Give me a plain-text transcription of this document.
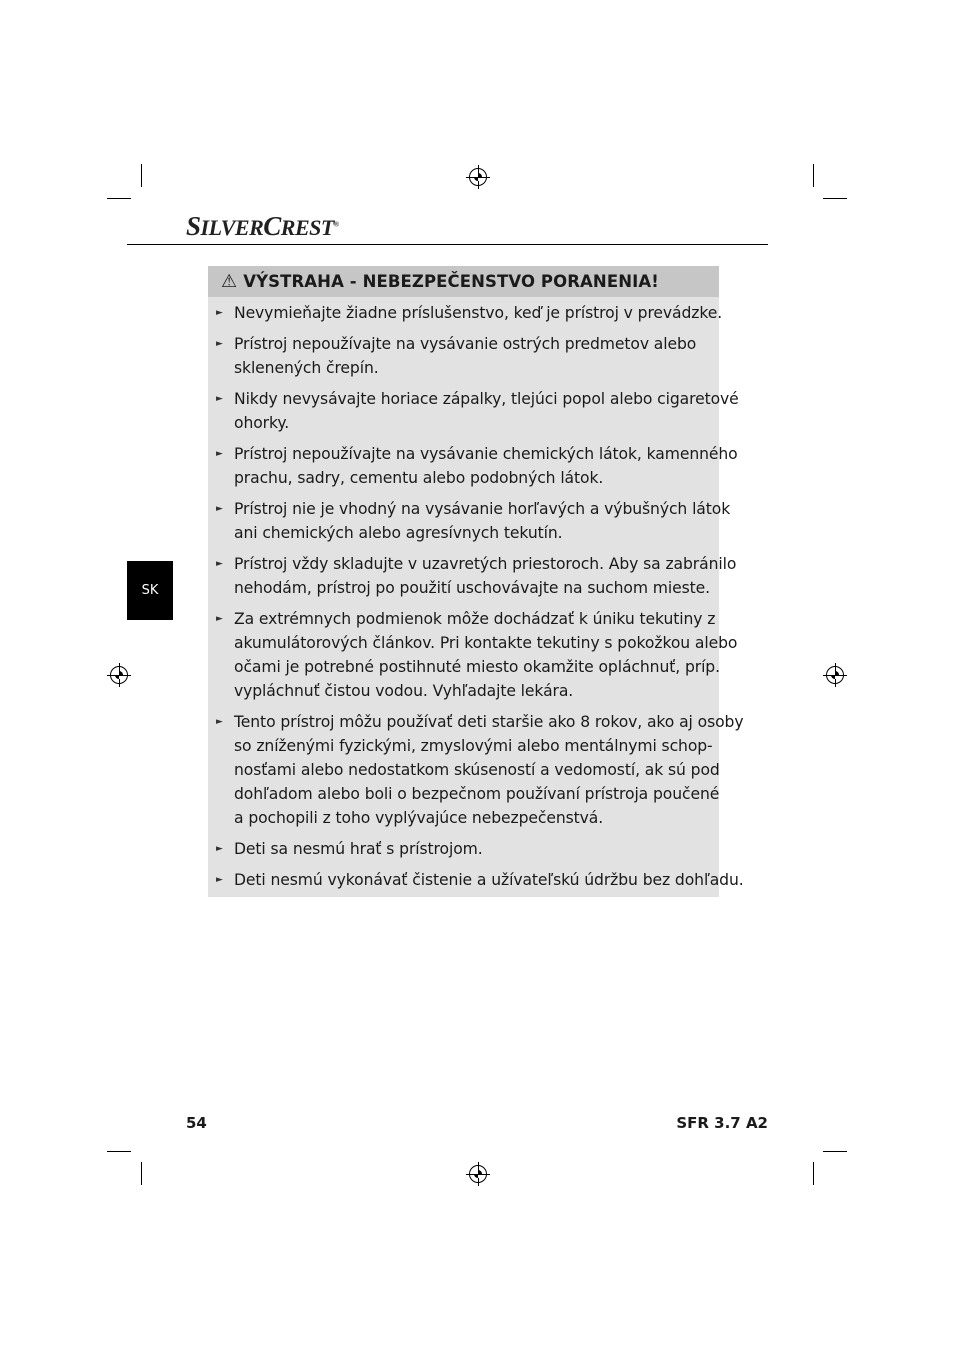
SILVERCREST®
SK
⚠ VÝSTRAHA - NEBEZPEČENSTVO PORANENIA!
► Nevymieňajte žiadne príslušenstvo, keď je prístroj v prevádzke.
► Prístroj nepoužívajte na vysávanie ostrých predmetov alebo
sklenených črepín.
► Nikdy nevysávajte horiace zápalky, tlejúci popol alebo cigaretové
ohorky.
► Prístroj nepoužívajte na vysávanie chemických látok, kamenného
prachu, sadry, cementu alebo podobných látok.
► Prístroj nie je vhodný na vysávanie horľavých a výbušných látok
ani chemických alebo agresívnych tekutín.
► Prístroj vždy skladujte v uzavretých priestoroch. Aby sa zabránilo
nehodám, prístroj po použití uschovávajte na suchom mieste.
► Za extrémnych podmienok môže dochádzať k úniku tekutiny z
akumulátorových článkov. Pri kontakte tekutiny s pokožkou alebo
očami je potrebné postihnuté miesto okamžite opláchnuť, príp.
vypláchnuť čistou vodou. Vyhľadajte lekára.
► Tento prístroj môžu používať deti staršie ako 8 rokov, ako aj osoby
so zníženými fyzickými, zmyslovými alebo mentálnymi schop-
nosťami alebo nedostatkom skúseností a vedomostí, ak sú pod
dohľadom alebo boli o bezpečnom používaní prístroja poučené
a pochopili z toho vyplývajúce nebezpečenstvá.
► Deti sa nesmú hrať s prístrojom.
► Deti nesmú vykonávať čistenie a užívateľskú údržbu bez dohľadu.
54	SFR 3.7 A2
